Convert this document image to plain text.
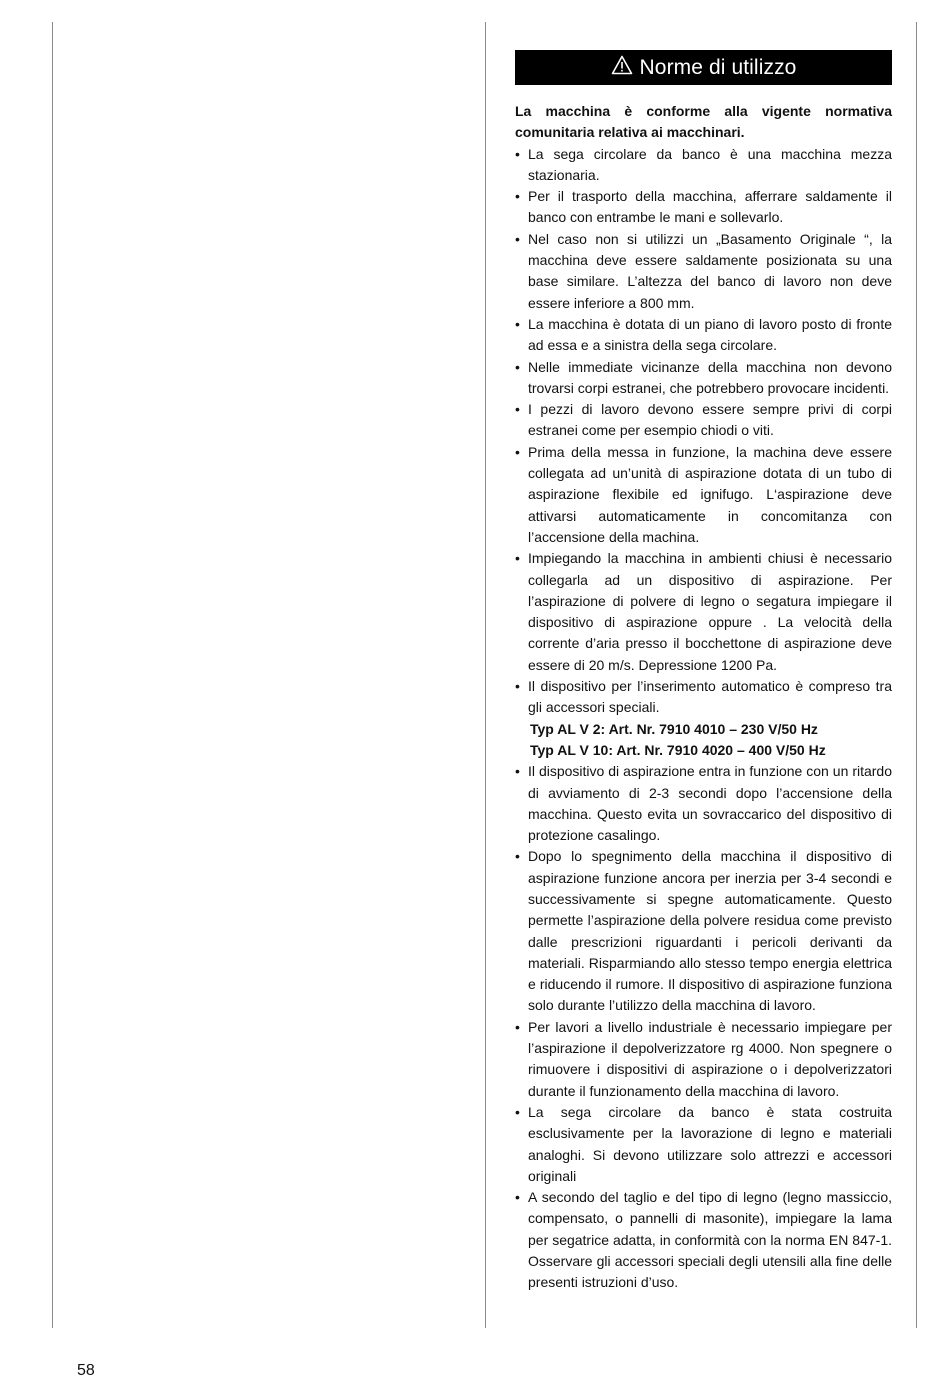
Norme di utilizzo
La macchina è conforme alla vigente normativa comunitaria relativa ai macchinari.
• La sega circolare da banco è una macchina mezza stazionaria.
• Per il trasporto della macchina, afferrare saldamente il banco con entrambe le mani e sollevarlo.
• Nel caso non si utilizzi un „Basamento Originale “, la macchina deve essere saldamente posizionata su una base similare. L’altezza del banco di lavoro non deve essere inferiore a 800 mm.
• La macchina è dotata di un piano di lavoro posto di fronte ad essa e a sinistra della sega circolare.
• Nelle immediate vicinanze della macchina non devono trovarsi corpi estranei, che potrebbero provocare incidenti.
• I pezzi di lavoro devono essere sempre privi di corpi estranei come per esempio chiodi o viti.
• Prima della messa in funzione, la machina deve essere collegata ad un’unità di aspirazione dotata di un tubo di aspirazione flexibile ed ignifugo. L‘aspirazione deve attivarsi automaticamente in concomitanza con l’accensione della machina.
• Impiegando la macchina in ambienti chiusi è necessario collegarla ad un dispositivo di aspirazione. Per l’aspirazione di polvere di legno o segatura impiegare il dispositivo di aspirazione oppure . La velocità della corrente d’aria presso il bocchettone di aspirazione deve essere di 20 m/s. Depressione 1200 Pa.
• Il dispositivo per l’inserimento automatico è compreso tra gli accessori speciali.
Typ AL V 2: Art. Nr. 7910 4010 – 230 V/50 Hz
Typ AL V 10: Art. Nr. 7910 4020 – 400 V/50 Hz
• Il dispositivo di aspirazione entra in funzione con un ritardo di avviamento di 2-3 secondi dopo l’accensione della macchina. Questo evita un sovraccarico del dispositivo di protezione casalingo.
• Dopo lo spegnimento della macchina il dispositivo di aspirazione funzione ancora per inerzia per 3-4 secondi e successivamente si spegne automaticamente. Questo permette l’aspirazione della polvere residua come previsto dalle prescrizioni riguardanti i pericoli derivanti da materiali. Risparmiando allo stesso tempo energia elettrica e riducendo il rumore. Il dispositivo di aspirazione funziona solo durante l’utilizzo della macchina di lavoro.
• Per lavori a livello industriale è necessario impiegare per l’aspirazione il depolverizzatore rg 4000. Non spegnere o rimuovere i dispositivi di aspirazione o i depolverizzatori durante il funzionamento della macchina di lavoro.
• La sega circolare da banco è stata costruita esclusivamente per la lavorazione di legno e materiali analoghi. Si devono utilizzare solo attrezzi e accessori originali
• A secondo del taglio e del tipo di legno (legno massiccio, compensato, o pannelli di masonite), impiegare la lama per segatrice adatta, in conformità con la norma EN 847-1. Osservare gli accessori speciali degli utensili alla fine delle presenti istruzioni d’uso.
58
